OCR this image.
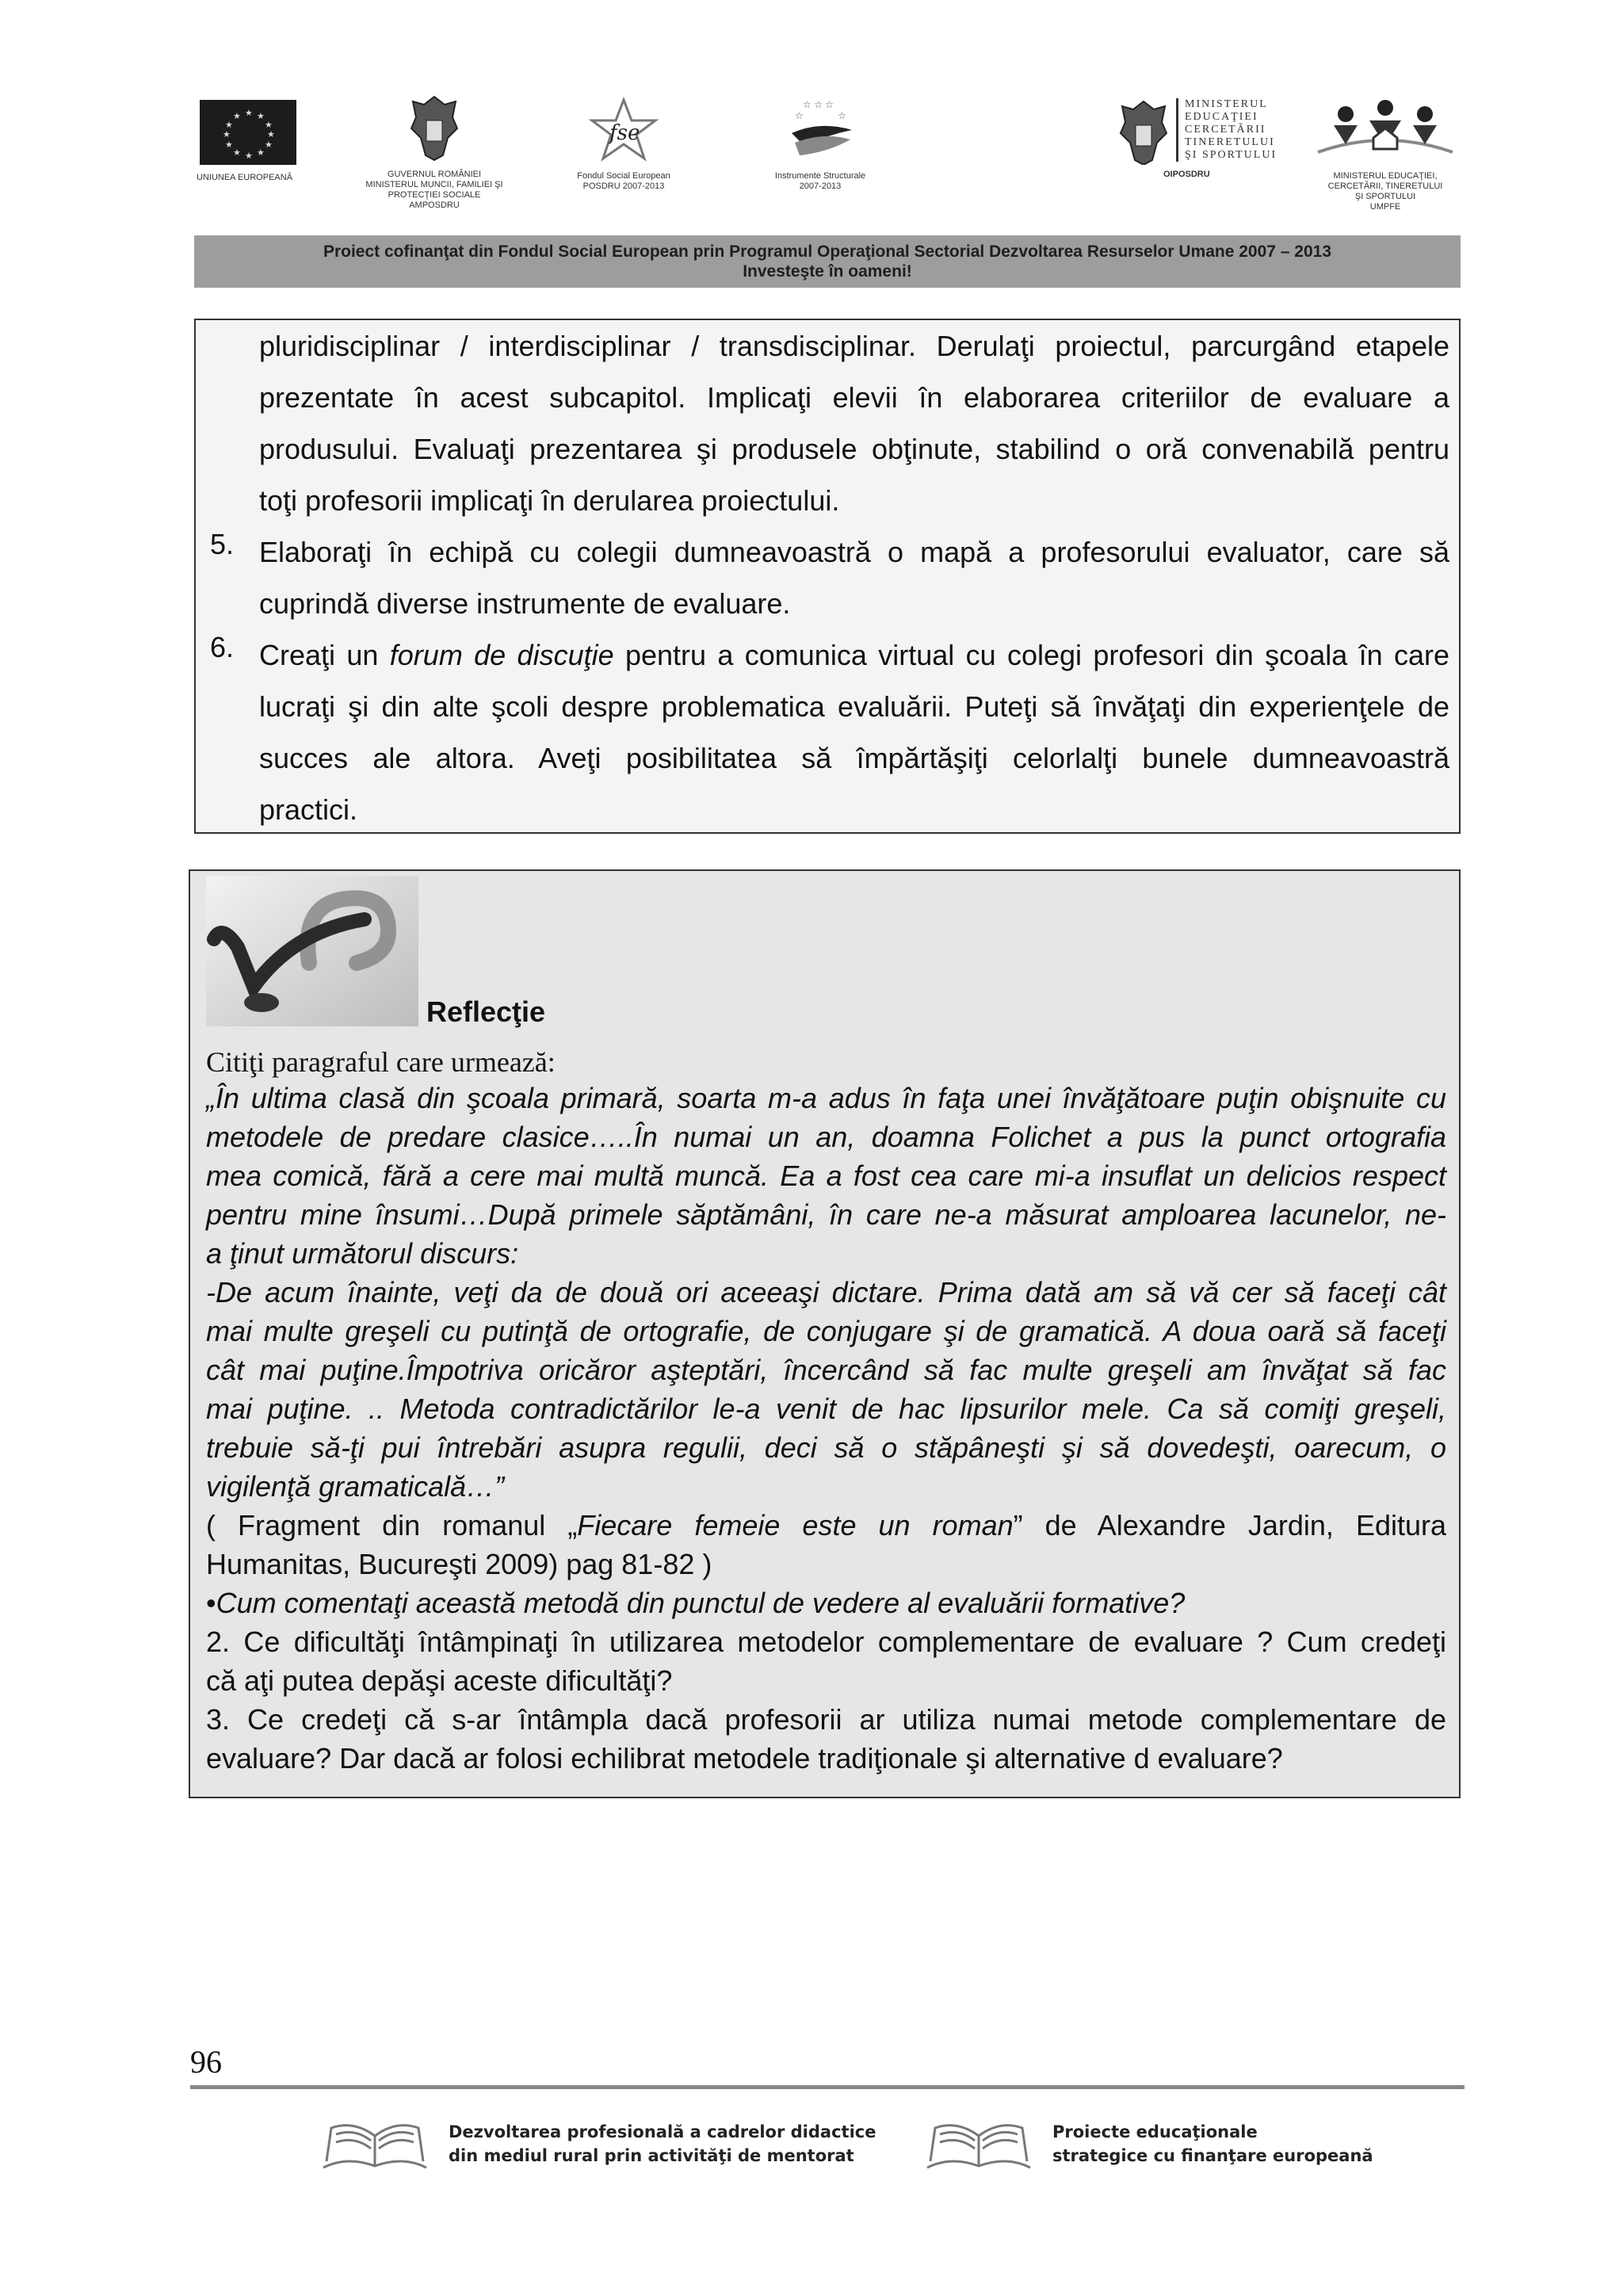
★ ★
★
★
★
★
★
★
★
★
★
★
UNIUNEA EUROPEANĂ	GUVERNUL ROMÂNIEI
MINISTERUL MUNCII, FAMILIEI ŞI
PROTECŢIEI SOCIALE
AMPOSDRU
fse
Fondul Social European
POSDRU 2007-2013
☆ ☆ ☆
☆	☆
Instrumente Structurale
2007-2013
MINISTERUL
EDUCAŢIEI
CERCETĂRII
TINERETULUI
ŞI SPORTULUI
OIPOSDRU	MINISTERUL EDUCAŢIEI,
CERCETĂRII, TINERETULUI
ŞI SPORTULUI
UMPFE
Proiect cofinanţat din Fondul Social European prin Programul Operaţional Sectorial Dezvoltarea Resurselor Umane 2007 – 2013
Investeşte în oameni!
pluridisciplinar / interdisciplinar / transdisciplinar. Derulaţi proiectul, parcurgând etapele
prezentate în acest subcapitol. Implicaţi elevii în elaborarea criteriilor de evaluare a
produsului. Evaluaţi prezentarea şi produsele obţinute, stabilind o oră convenabilă pentru
toţi profesorii implicaţi în derularea proiectului.
5. Elaboraţi în echipă cu colegii dumneavoastră o mapă a profesorului evaluator, care să
cuprindă diverse instrumente de evaluare.
6. Creaţi un forum de discuţie pentru a comunica virtual cu colegi profesori din şcoala în care
lucraţi şi din alte şcoli despre problematica evaluării. Puteţi să învăţaţi din experienţele de
succes ale altora. Aveţi posibilitatea să împărtăşiţi celorlalţi bunele dumneavoastră
practici.
Reflecţie
Citiţi paragraful care urmează:
„În ultima clasă din şcoala primară, soarta m-a adus în faţa unei învăţătoare puţin obişnuite cu
metodele de predare clasice…..În numai un an, doamna Folichet a pus la punct ortografia
mea comică, fără a cere mai multă muncă. Ea a fost cea care mi-a insuflat un delicios respect
pentru mine însumi…După primele săptămâni, în care ne-a măsurat amploarea lacunelor, ne-
a ţinut următorul discurs:
-De acum înainte, veţi da de două ori aceeaşi dictare. Prima dată am să vă cer să faceţi cât
mai multe greşeli cu putinţă de ortografie, de conjugare şi de gramatică. A doua oară să faceţi
cât mai puţine.Împotriva oricăror aşteptări, încercând să fac multe greşeli am învăţat să fac
mai puţine. .. Metoda contradictărilor le-a venit de hac lipsurilor mele. Ca să comiţi greşeli,
trebuie să-ţi pui întrebări asupra regulii, deci să o stăpâneşti şi să dovedeşti, oarecum, o
vigilenţă gramaticală…”
( Fragment din romanul „Fiecare femeie este un roman” de Alexandre Jardin, Editura
Humanitas, Bucureşti 2009) pag 81-82 )
•Cum comentaţi această metodă din punctul de vedere al evaluării formative?
2. Ce dificultăţi întâmpinaţi în utilizarea metodelor complementare de evaluare ? Cum credeţi
că aţi putea depăşi aceste dificultăţi?
3. Ce credeţi că s-ar întâmpla dacă profesorii ar utiliza numai metode complementare de
evaluare? Dar dacă ar folosi echilibrat metodele tradiţionale şi alternative d evaluare?
96
Dezvoltarea profesională a cadrelor didactice
din mediul rural prin activităţi de mentorat
Proiecte educaţionale
strategice cu finanţare europeană
